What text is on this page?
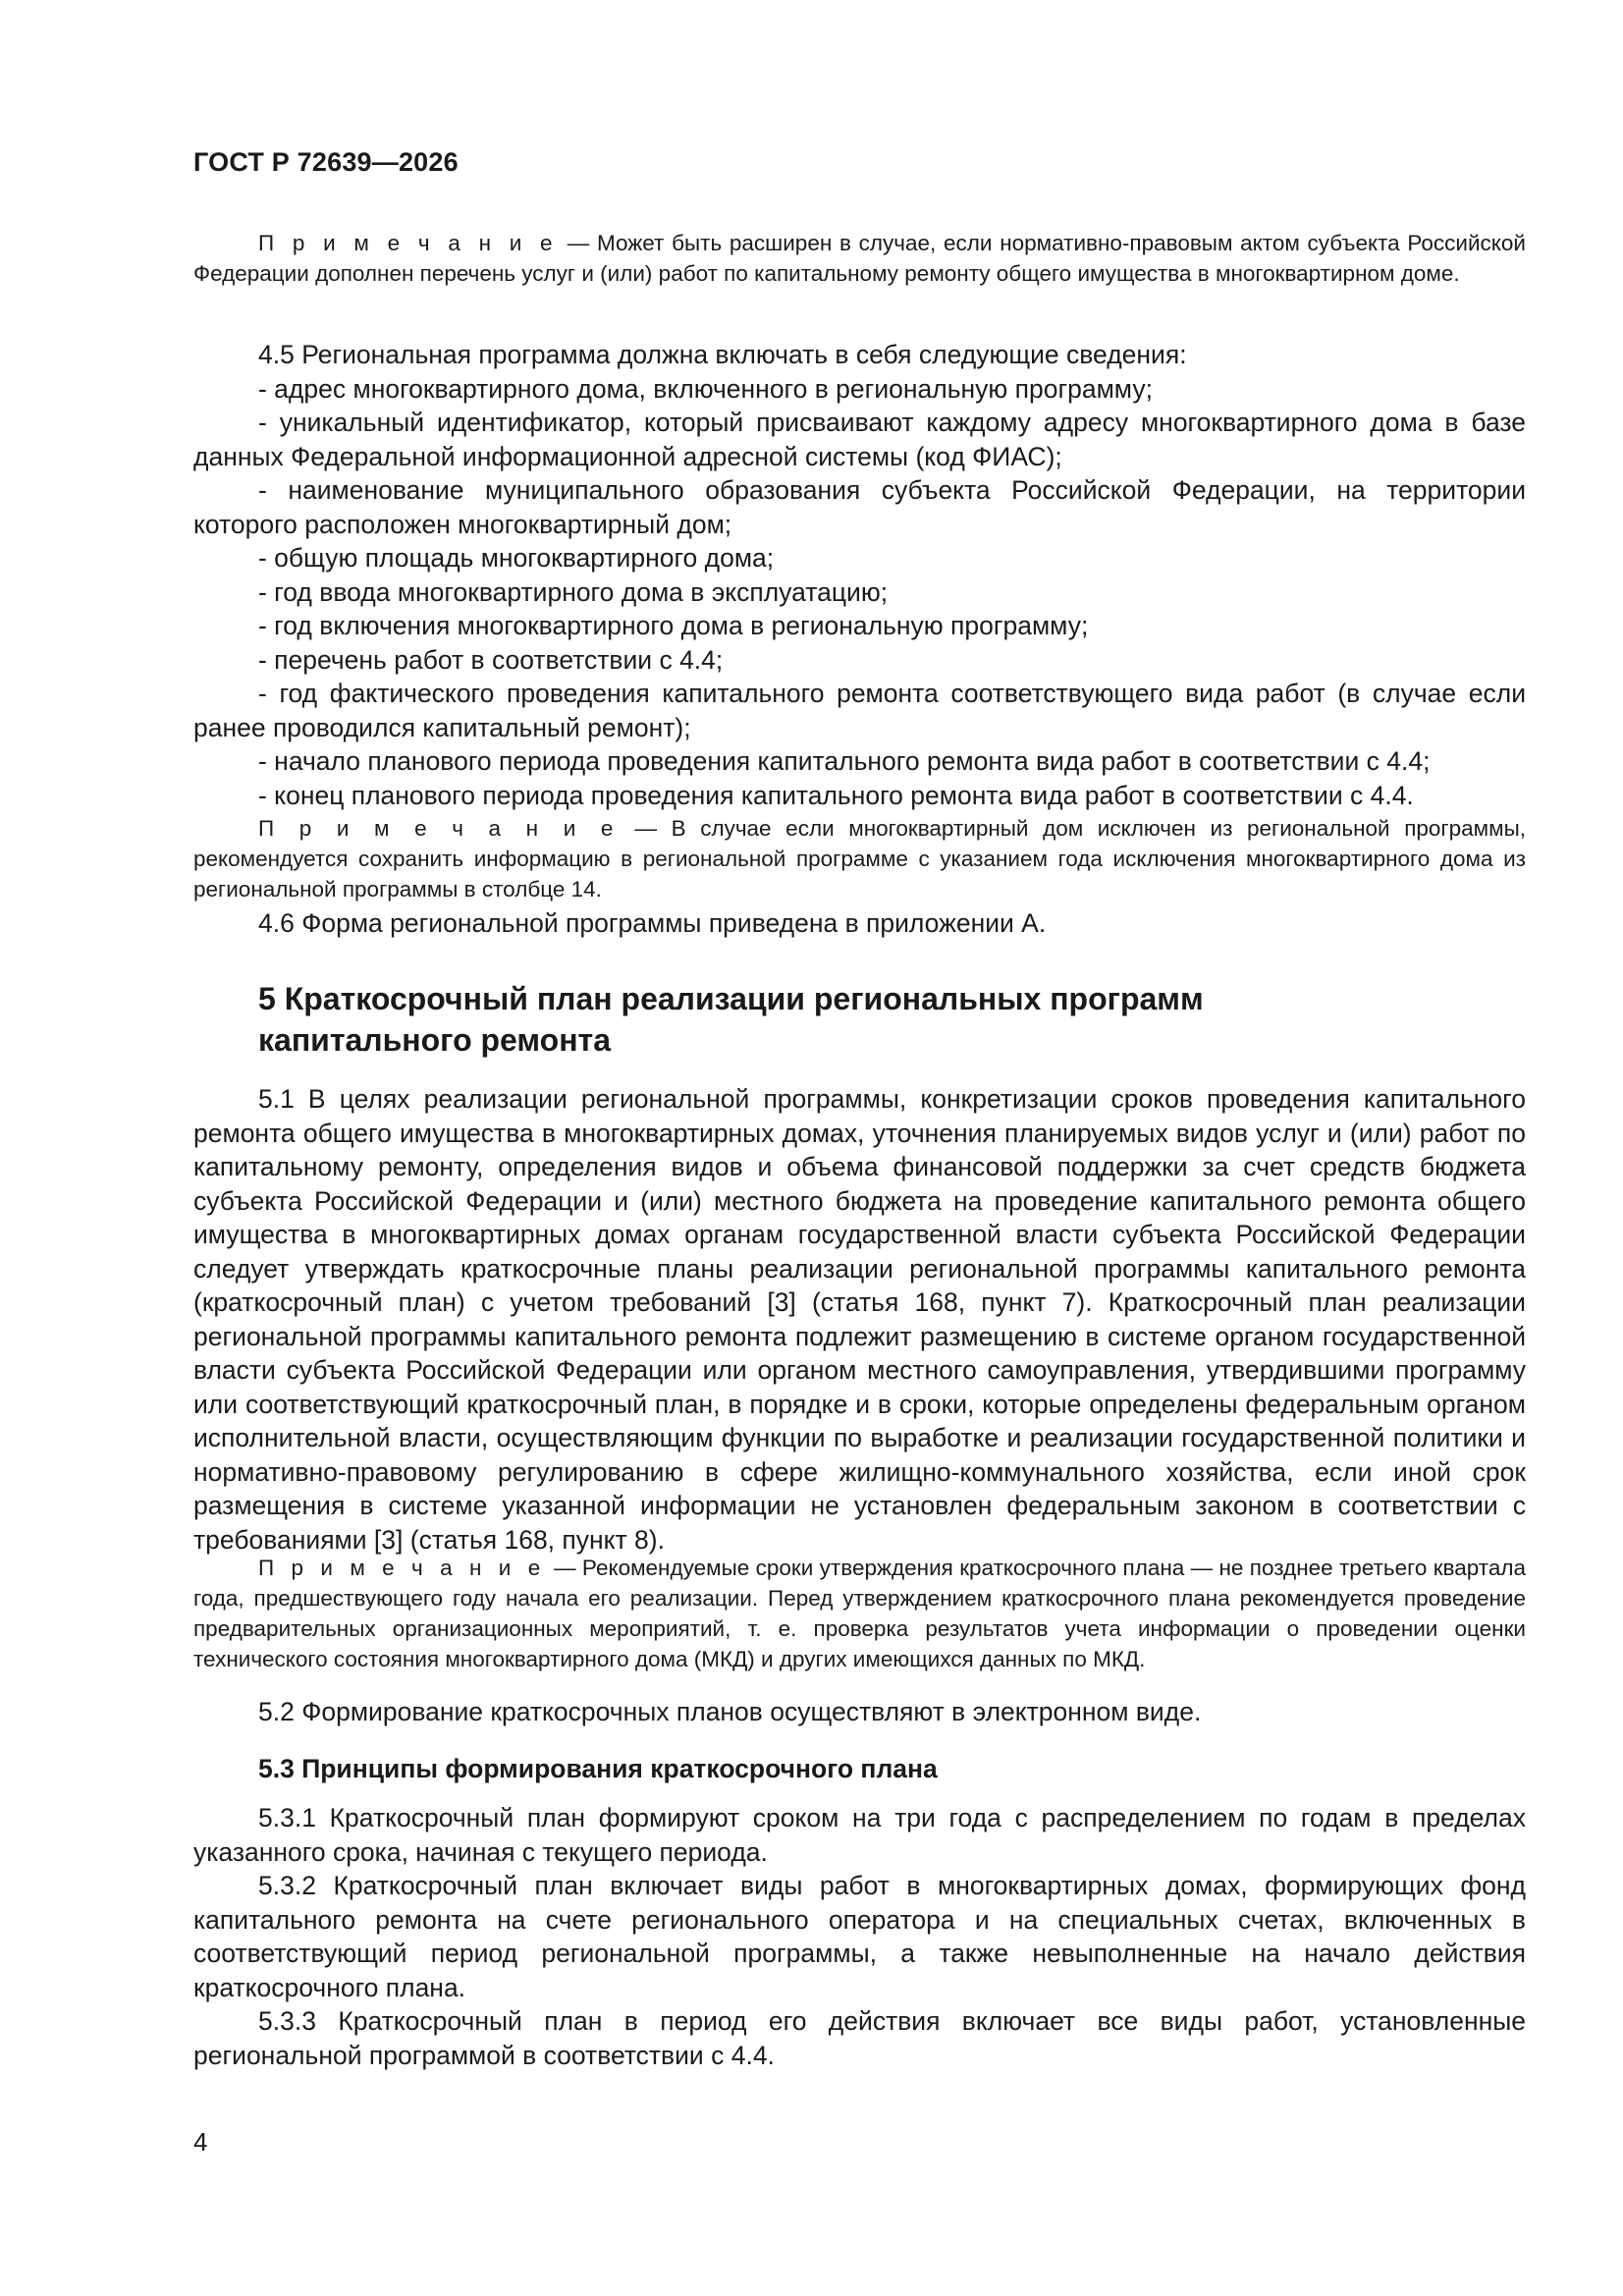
ГОСТ Р 72639—2026

П р и м е ч а н и е — Может быть расширен в случае, если нормативно-правовым актом субъекта Российской Федерации дополнен перечень услуг и (или) работ по капитальному ремонту общего имущества в многоквартирном доме.

4.5 Региональная программа должна включать в себя следующие сведения:

- адрес многоквартирного дома, включенного в региональную программу;

- уникальный идентификатор, который присваивают каждому адресу многоквартирного дома в базе данных Федеральной информационной адресной системы (код ФИАС);

- наименование муниципального образования субъекта Российской Федерации, на территории которого расположен многоквартирный дом;

- общую площадь многоквартирного дома;

- год ввода многоквартирного дома в эксплуатацию;

- год включения многоквартирного дома в региональную программу;

- перечень работ в соответствии с 4.4;

- год фактического проведения капитального ремонта соответствующего вида работ (в случае если ранее проводился капитальный ремонт);

- начало планового периода проведения капитального ремонта вида работ в соответствии с 4.4;

- конец планового периода проведения капитального ремонта вида работ в соответствии с 4.4.

П р и м е ч а н и е — В случае если многоквартирный дом исключен из региональной программы, рекомендуется сохранить информацию в региональной программе с указанием года исключения многоквартирного дома из региональной программы в столбце 14.

4.6 Форма региональной программы приведена в приложении А.

5 Краткосрочный план реализации региональных программ

капитального ремонта

5.1 В целях реализации региональной программы, конкретизации сроков проведения капитального ремонта общего имущества в многоквартирных домах, уточнения планируемых видов услуг и (или) работ по капитальному ремонту, определения видов и объема финансовой поддержки за счет средств бюджета субъекта Российской Федерации и (или) местного бюджета на проведение капитального ремонта общего имущества в многоквартирных домах органам государственной власти субъекта Российской Федерации следует утверждать краткосрочные планы реализации региональной программы капитального ремонта (краткосрочный план) с учетом требований [3] (статья 168, пункт 7). Краткосрочный план реализации региональной программы капитального ремонта подлежит размещению в системе органом государственной власти субъекта Российской Федерации или органом местного самоуправления, утвердившими программу или соответствующий краткосрочный план, в порядке и в сроки, которые определены федеральным органом исполнительной власти, осуществляющим функции по выработке и реализации государственной политики и нормативно-правовому регулированию в сфере жилищно-коммунального хозяйства, если иной срок размещения в системе указанной информации не установлен федеральным законом в соответствии с требованиями [3] (статья 168, пункт 8).

П р и м е ч а н и е — Рекомендуемые сроки утверждения краткосрочного плана — не позднее третьего квартала года, предшествующего году начала его реализации. Перед утверждением краткосрочного плана рекомендуется проведение предварительных организационных мероприятий, т. е. проверка результатов учета информации о проведении оценки технического состояния многоквартирного дома (МКД) и других имеющихся данных по МКД.

5.2 Формирование краткосрочных планов осуществляют в электронном виде.

5.3 Принципы формирования краткосрочного плана

5.3.1 Краткосрочный план формируют сроком на три года с распределением по годам в пределах указанного срока, начиная с текущего периода.

5.3.2 Краткосрочный план включает виды работ в многоквартирных домах, формирующих фонд капитального ремонта на счете регионального оператора и на специальных счетах, включенных в соответствующий период региональной программы, а также невыполненные на начало действия краткосрочного плана.

5.3.3 Краткосрочный план в период его действия включает все виды работ, установленные региональной программой в соответствии с 4.4.

4
